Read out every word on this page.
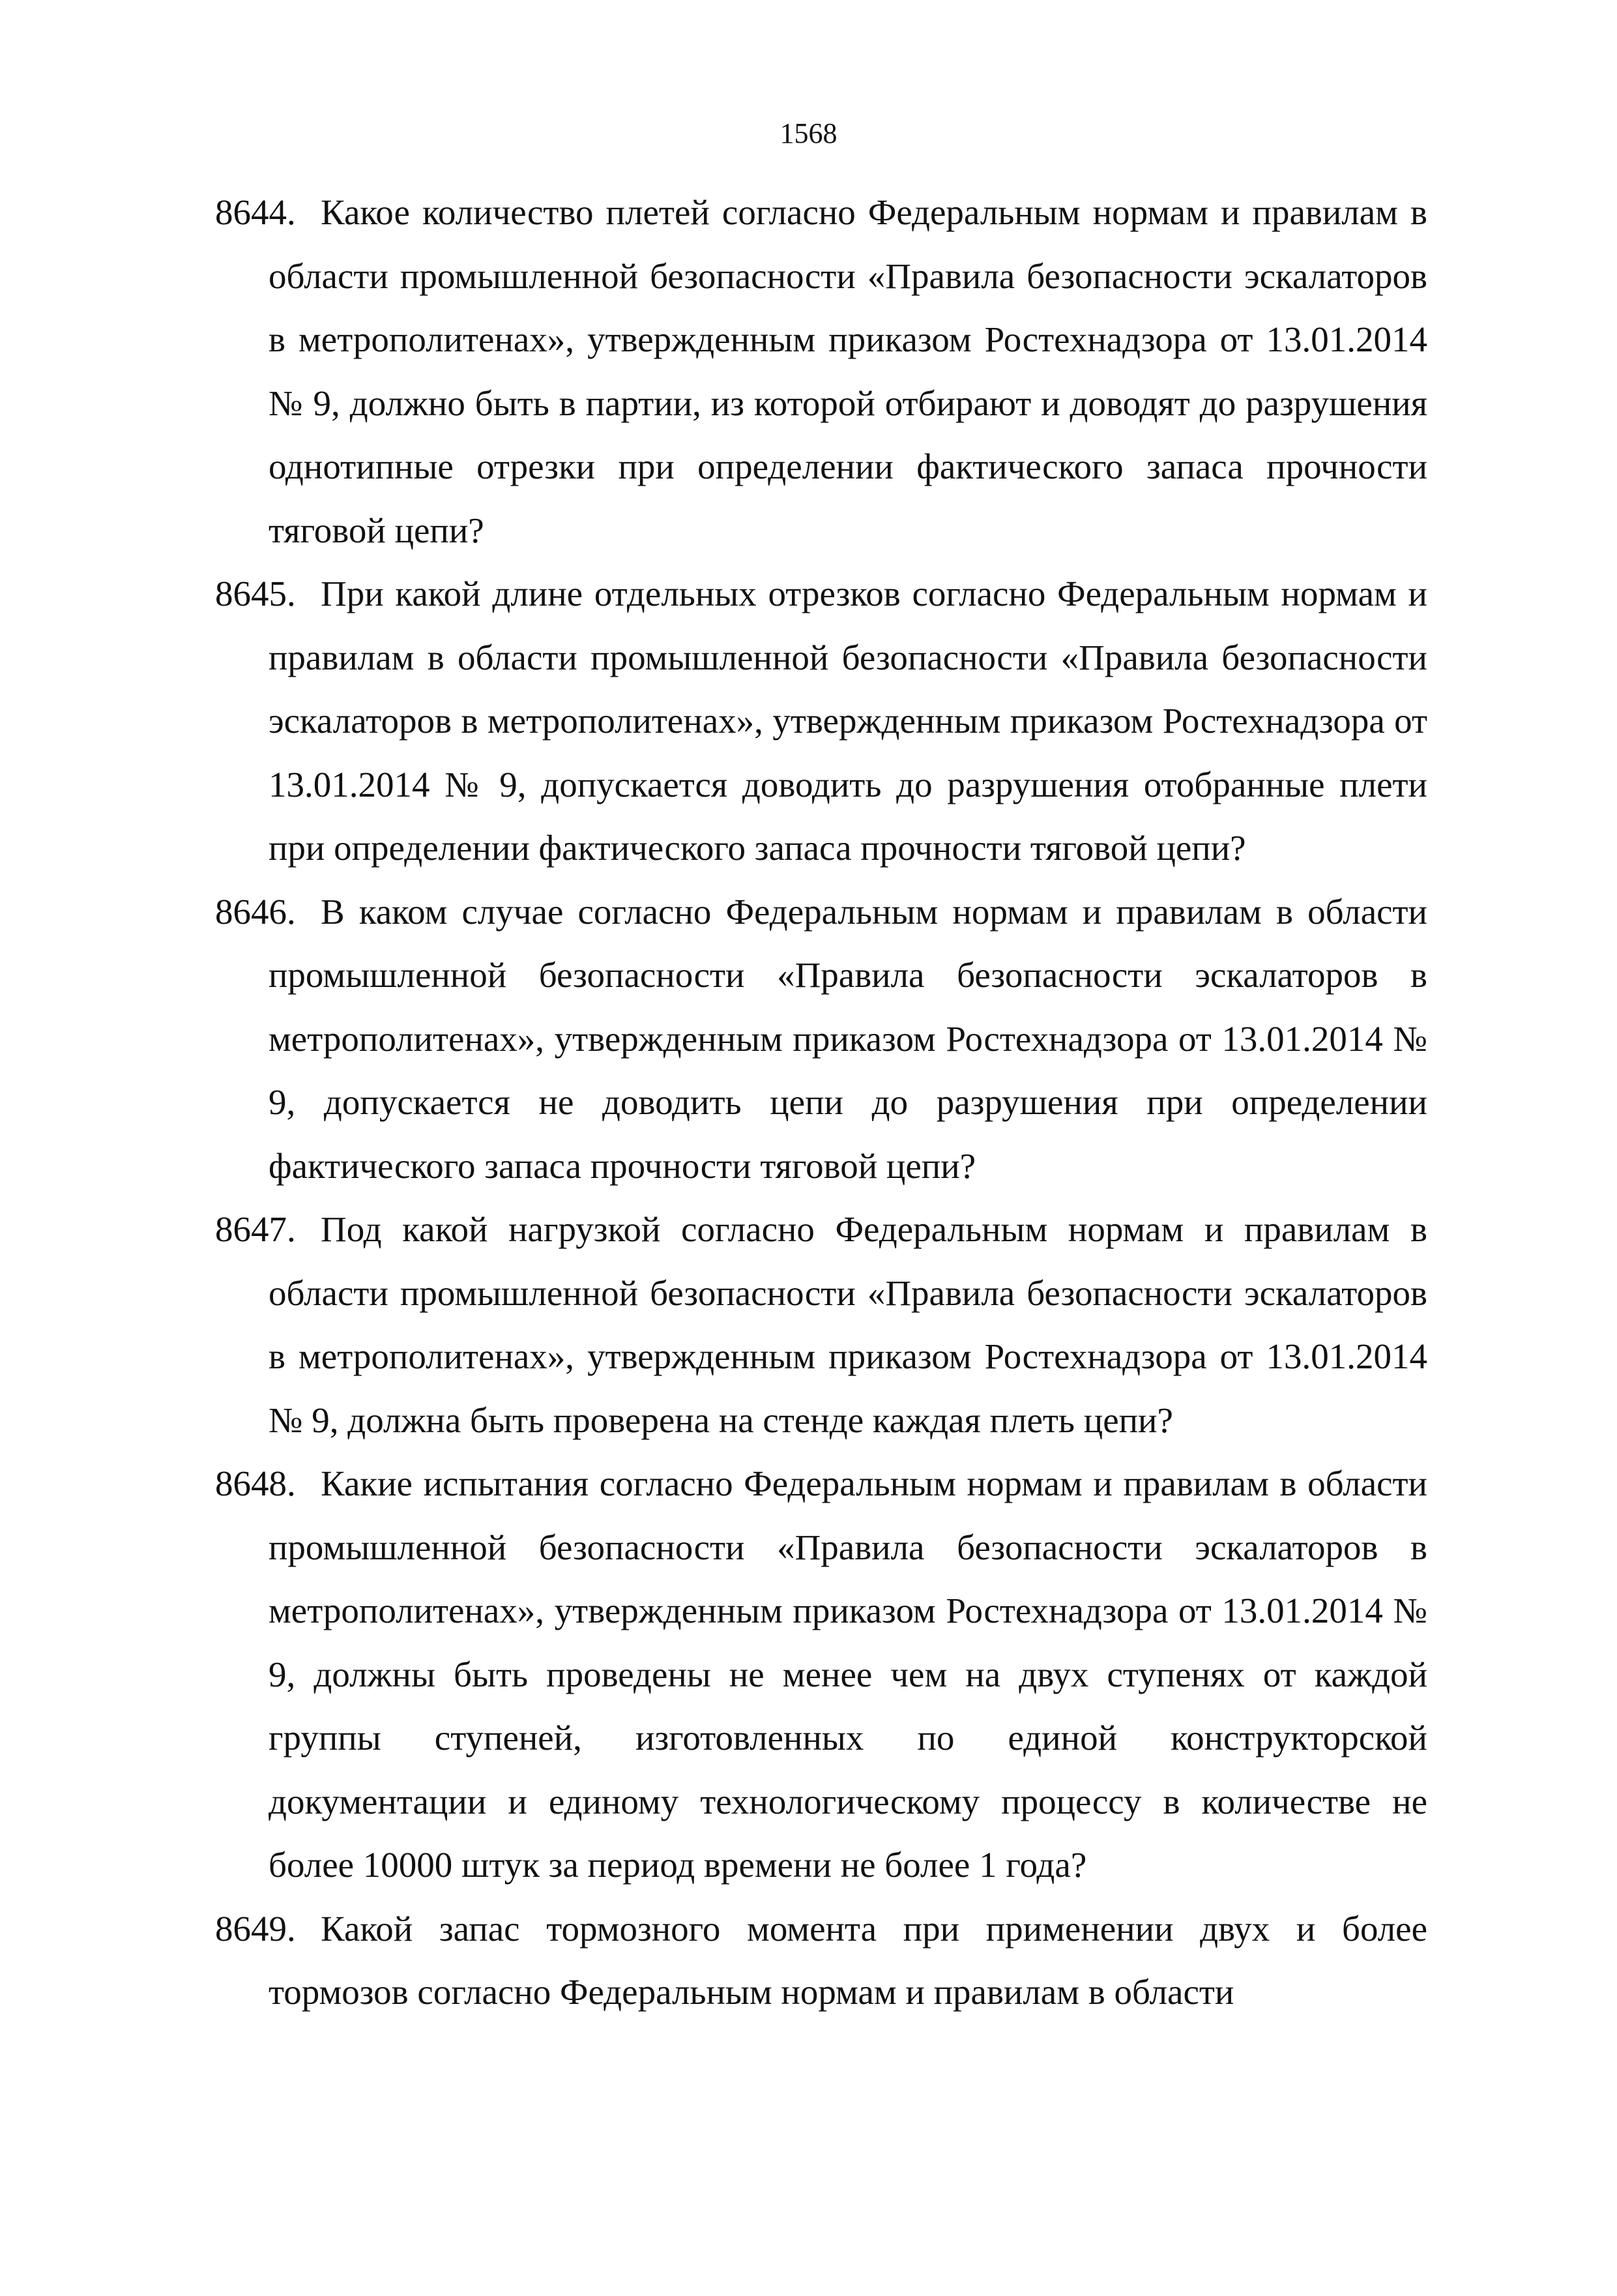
1568
8644. Какое количество плетей согласно Федеральным нормам и правилам в области промышленной безопасности «Правила безопасности эскалаторов в метрополитенах», утвержденным приказом Ростехнадзора от 13.01.2014 № 9, должно быть в партии, из которой отбирают и доводят до разрушения однотипные отрезки при определении фактического запаса прочности тяговой цепи?
8645. При какой длине отдельных отрезков согласно Федеральным нормам и правилам в области промышленной безопасности «Правила безопасности эскалаторов в метрополитенах», утвержденным приказом Ростехнадзора от 13.01.2014 № 9, допускается доводить до разрушения отобранные плети при определении фактического запаса прочности тяговой цепи?
8646. В каком случае согласно Федеральным нормам и правилам в области промышленной безопасности «Правила безопасности эскалаторов в метрополитенах», утвержденным приказом Ростехнадзора от 13.01.2014 № 9, допускается не доводить цепи до разрушения при определении фактического запаса прочности тяговой цепи?
8647. Под какой нагрузкой согласно Федеральным нормам и правилам в области промышленной безопасности «Правила безопасности эскалаторов в метрополитенах», утвержденным приказом Ростехнадзора от 13.01.2014 № 9, должна быть проверена на стенде каждая плеть цепи?
8648. Какие испытания согласно Федеральным нормам и правилам в области промышленной безопасности «Правила безопасности эскалаторов в метрополитенах», утвержденным приказом Ростехнадзора от 13.01.2014 № 9, должны быть проведены не менее чем на двух ступенях от каждой группы ступеней, изготовленных по единой конструкторской документации и единому технологическому процессу в количестве не более 10000 штук за период времени не более 1 года?
8649. Какой запас тормозного момента при применении двух и более тормозов согласно Федеральным нормам и правилам в области
